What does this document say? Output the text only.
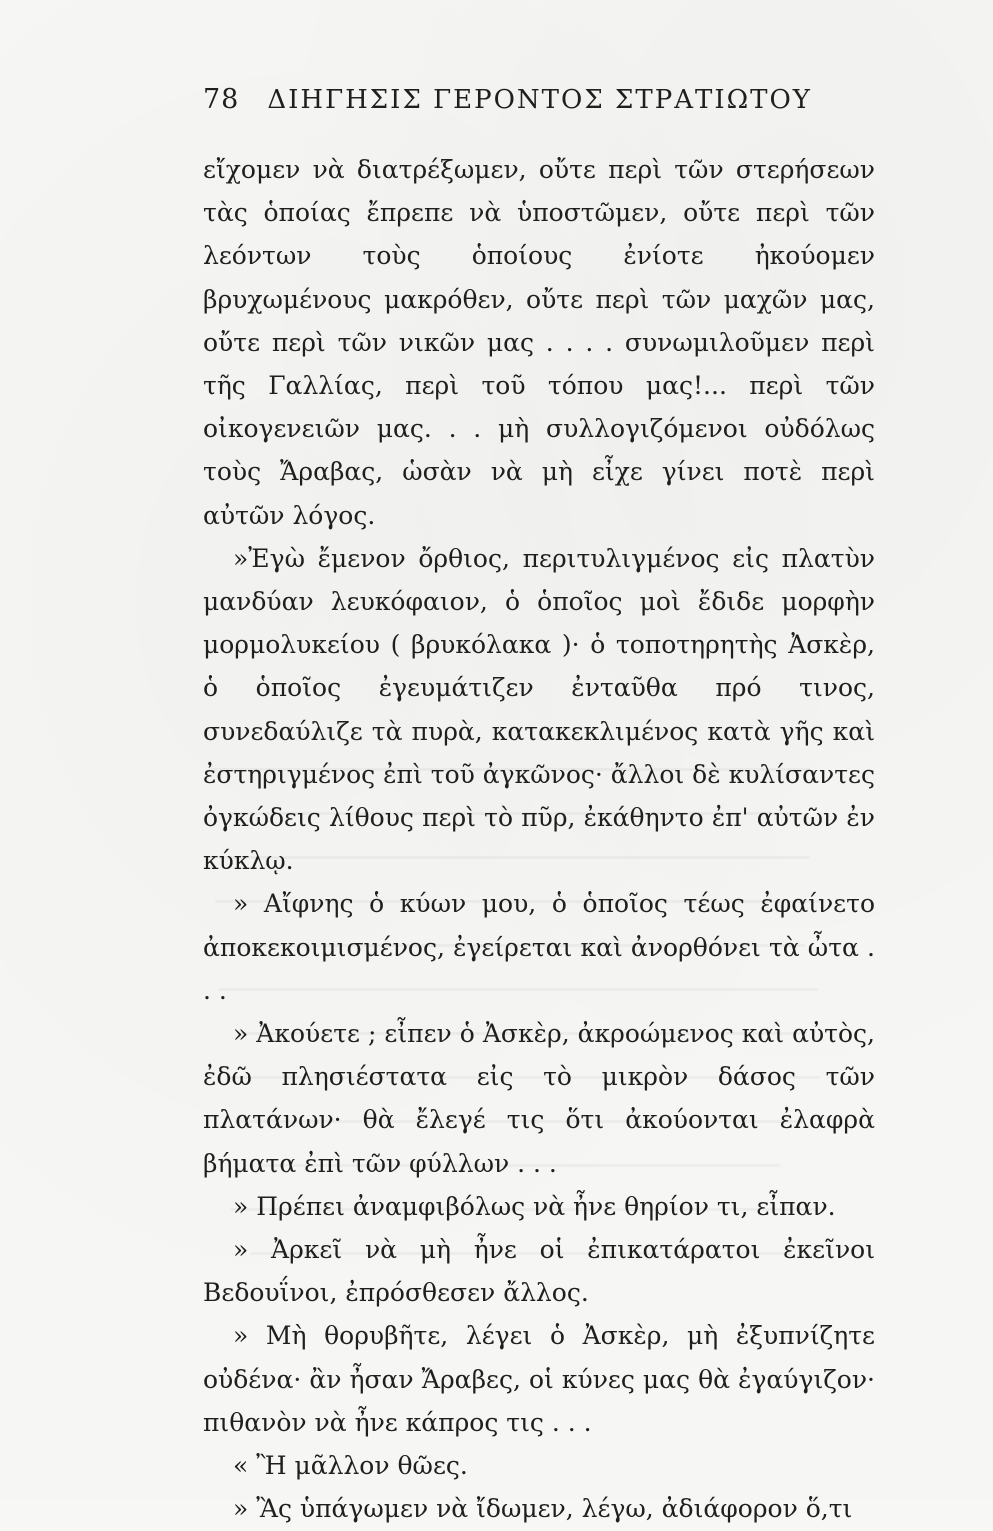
78 ΔΙΗΓΗΣΙΣ ΓΕΡΟΝΤΟΣ ΣΤΡΑΤΙΩΤΟΥ

εἴχομεν νὰ διατρέξωμεν, οὔτε περὶ τῶν στερήσεων τὰς ὁποίας ἔπρεπε νὰ ὑποστῶμεν, οὔτε περὶ τῶν λεόντων τοὺς ὁποίους ἐνίοτε ἠκούομεν βρυχωμένους μακρόθεν, οὔτε περὶ τῶν μαχῶν μας, οὔτε περὶ τῶν νικῶν μας . . . . συνωμιλοῦμεν περὶ τῆς Γαλλίας, περὶ τοῦ τόπου μας!... περὶ τῶν οἰκογενειῶν μας. . . μὴ συλλογιζόμενοι οὐδόλως τοὺς Ἄραβας, ὡσὰν νὰ μὴ εἶχε γίνει ποτὲ περὶ αὐτῶν λόγος.

»Ἐγὼ ἔμενον ὄρθιος, περιτυλιγμένος εἰς πλατὺν μανδύαν λευκόφαιον, ὁ ὁποῖος μοὶ ἔδιδε μορφὴν μορμολυκείου ( βρυκόλακα )· ὁ τοποτηρητὴς Ἀσκὲρ, ὁ ὁποῖος ἐγευμάτιζεν ἐνταῦθα πρό τινος, συνεδαύλιζε τὰ πυρὰ, κατακεκλιμένος κατὰ γῆς καὶ ἐστηριγμένος ἐπὶ τοῦ ἀγκῶνος· ἄλλοι δὲ κυλίσαντες ὀγκώδεις λίθους περὶ τὸ πῦρ, ἐκάθηντο ἐπ' αὐτῶν ἐν κύκλῳ.

» Αἴφνης ὁ κύων μου, ὁ ὁποῖος τέως ἐφαίνετο ἀποκεκοιμισμένος, ἐγείρεται καὶ ἀνορθόνει τὰ ὦτα . . .

» Ἀκούετε ; εἶπεν ὁ Ἀσκὲρ, ἀκροώμενος καὶ αὐτὸς, ἐδῶ πλησιέστατα εἰς τὸ μικρὸν δάσος τῶν πλατάνων· θὰ ἔλεγέ τις ὅτι ἀκούονται ἐλαφρὰ βήματα ἐπὶ τῶν φύλλων . . .

» Πρέπει ἀναμφιβόλως νὰ ἦνε θηρίον τι, εἶπαν.

» Ἀρκεῖ νὰ μὴ ἦνε οἱ ἐπικατάρατοι ἐκεῖνοι Βεδουΐνοι, ἐπρόσθεσεν ἄλλος.

» Μὴ θορυβῆτε, λέγει ὁ Ἀσκὲρ, μὴ ἐξυπνίζητε οὐδένα· ἂν ἦσαν Ἄραβες, οἱ κύνες μας θὰ ἐγαύγιζον· πιθανὸν νὰ ἦνε κάπρος τις . . .

« Ἢ μᾶλλον θῶες.

» Ἂς ὑπάγωμεν νὰ ἴδωμεν, λέγω, ἀδιάφορον ὅ,τι
